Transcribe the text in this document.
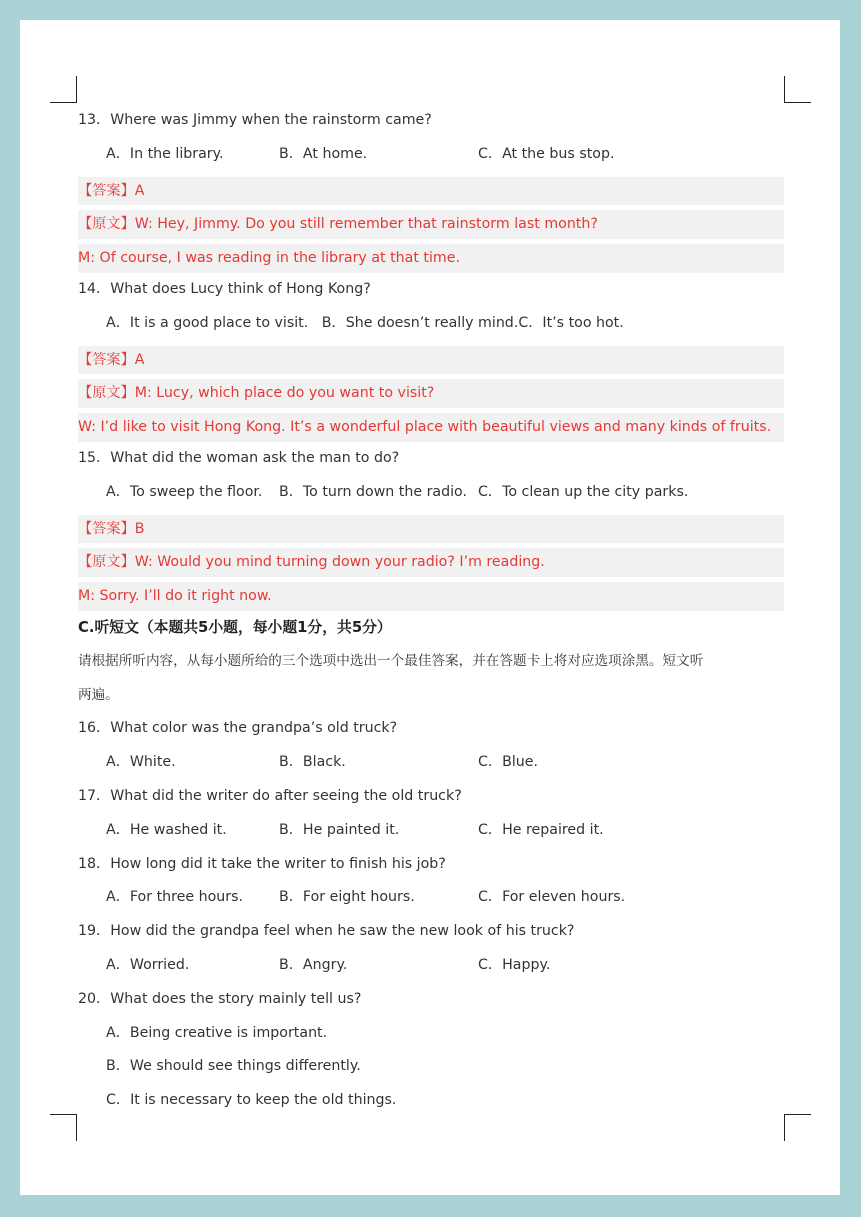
13．Where was Jimmy when the rainstorm came?
A．In the library.	B．At home.	C．At the bus stop.
【答案】A
【原文】W: Hey, Jimmy. Do you still remember that rainstorm last month?
M: Of course, I was reading in the library at that time.
14．What does Lucy think of Hong Kong?
A．It is a good place to visit.   B．She doesn’t really mind.C．It’s too hot.
【答案】A
【原文】M: Lucy, which place do you want to visit?
W: I’d like to visit Hong Kong. It’s a wonderful place with beautiful views and many kinds of fruits.
15．What did the woman ask the man to do?
A．To sweep the floor. B．To turn down the radio. C．To clean up the city parks.
【答案】B
【原文】W: Would you mind turning down your radio? I’m reading.
M: Sorry. I’ll do it right now.
C.听短文（本题共5小题，每小题1分，共5分）
请根据所听内容，从每小题所给的三个选项中选出一个最佳答案，并在答题卡上将对应选项涂黑。短文听
两遍。
16．What color was the grandpa’s old truck?
A．White.	B．Black.	C．Blue.
17．What did the writer do after seeing the old truck?
A．He washed it.	B．He painted it.	C．He repaired it.
18．How long did it take the writer to finish his job?
A．For three hours.	B．For eight hours.	C．For eleven hours.
19．How did the grandpa feel when he saw the new look of his truck?
A．Worried.	B．Angry.	C．Happy.
20．What does the story mainly tell us?
A．Being creative is important.
B．We should see things differently.
C．It is necessary to keep the old things.
